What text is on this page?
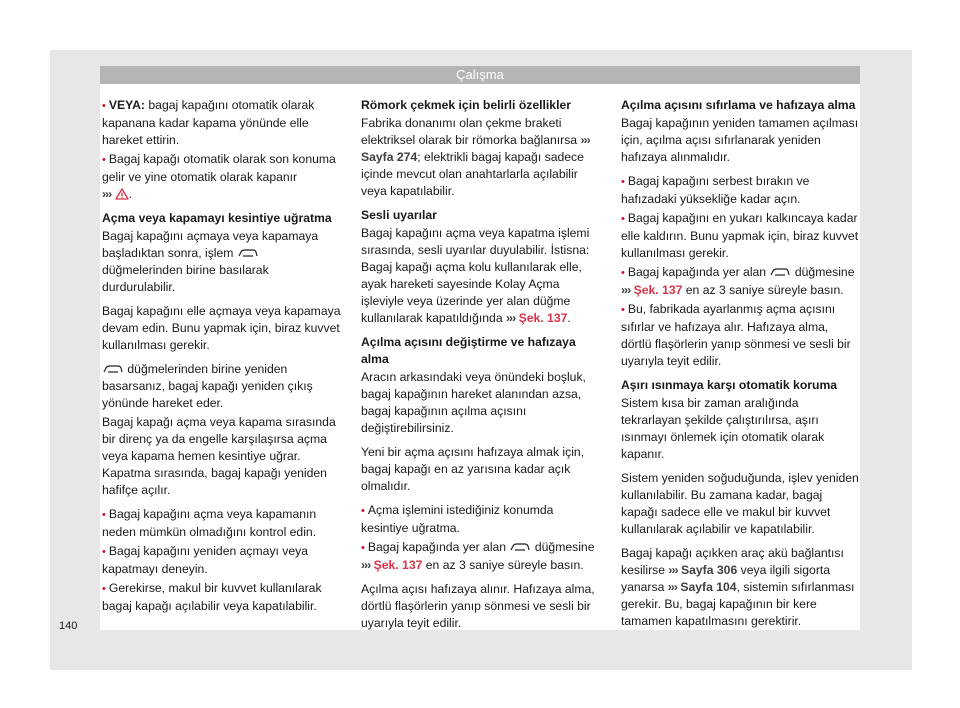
Çalışma

• VEYA: bagaj kapağını otomatik olarak kapanana kadar kapama yönünde elle hareket ettirin.

• Bagaj kapağı otomatik olarak son konuma gelir ve yine otomatik olarak kapanır
››› .

Açma veya kapamayı kesintiye uğratma

Bagaj kapağını açmaya veya kapamaya başladıktan sonra, işlem  düğmelerinden birine basılarak durdurulabilir.

Bagaj kapağını elle açmaya veya kapamaya devam edin. Bunu yapmak için, biraz kuvvet kullanılması gerekir.

düğmelerinden birine yeniden basarsanız, bagaj kapağı yeniden çıkış yönünde hareket eder.

Bagaj kapağı açma veya kapama sırasında bir direnç ya da engelle karşılaşırsa açma veya kapama hemen kesintiye uğrar. Kapatma sırasında, bagaj kapağı yeniden hafifçe açılır.

• Bagaj kapağını açma veya kapamanın neden mümkün olmadığını kontrol edin.

• Bagaj kapağını yeniden açmayı veya kapatmayı deneyin.

• Gerekirse, makul bir kuvvet kullanılarak bagaj kapağı açılabilir veya kapatılabilir.

Römork çekmek için belirli özellikler

Fabrika donanımı olan çekme braketi elektriksel olarak bir römorka bağlanırsa ››› Sayfa 274; elektrikli bagaj kapağı sadece içinde mevcut olan anahtarlarla açılabilir veya kapatılabilir.

Sesli uyarılar

Bagaj kapağını açma veya kapatma işlemi sırasında, sesli uyarılar duyulabilir. İstisna: Bagaj kapağı açma kolu kullanılarak elle, ayak hareketi sayesinde Kolay Açma işleviyle veya üzerinde yer alan düğme kullanılarak kapatıldığında ››› Şek. 137.

Açılma açısını değiştirme ve hafızaya alma

Aracın arkasındaki veya önündeki boşluk, bagaj kapağının hareket alanından azsa, bagaj kapağının açılma açısını değiştirebilirsiniz.

Yeni bir açma açısını hafızaya almak için, bagaj kapağı en az yarısına kadar açık olmalıdır.

• Açma işlemini istediğiniz konumda kesintiye uğratma.

• Bagaj kapağında yer alan  düğmesine
››› Şek. 137 en az 3 saniye süreyle basın.

Açılma açısı hafızaya alınır. Hafızaya alma, dörtlü flaşörlerin yanıp sönmesi ve sesli bir uyarıyla teyit edilir.

Açılma açısını sıfırlama ve hafızaya alma

Bagaj kapağının yeniden tamamen açılması için, açılma açısı sıfırlanarak yeniden hafızaya alınmalıdır.

• Bagaj kapağını serbest bırakın ve hafızadaki yüksekliğe kadar açın.

• Bagaj kapağını en yukarı kalkıncaya kadar elle kaldırın. Bunu yapmak için, biraz kuvvet kullanılması gerekir.

• Bagaj kapağında yer alan  düğmesine
››› Şek. 137 en az 3 saniye süreyle basın.

• Bu, fabrikada ayarlanmış açma açısını sıfırlar ve hafızaya alır. Hafızaya alma, dörtlü flaşörlerin yanıp sönmesi ve sesli bir uyarıyla teyit edilir.

Aşırı ısınmaya karşı otomatik koruma

Sistem kısa bir zaman aralığında tekrarlayan şekilde çalıştırılırsa, aşırı ısınmayı önlemek için otomatik olarak kapanır.

Sistem yeniden soğuduğunda, işlev yeniden kullanılabilir. Bu zamana kadar, bagaj kapağı sadece elle ve makul bir kuvvet kullanılarak açılabilir ve kapatılabilir.

Bagaj kapağı açıkken araç akü bağlantısı kesilirse ››› Sayfa 306 veya ilgili sigorta yanarsa ››› Sayfa 104, sistemin sıfırlanması gerekir. Bu, bagaj kapağının bir kere tamamen kapatılmasını gerektirir.

140
